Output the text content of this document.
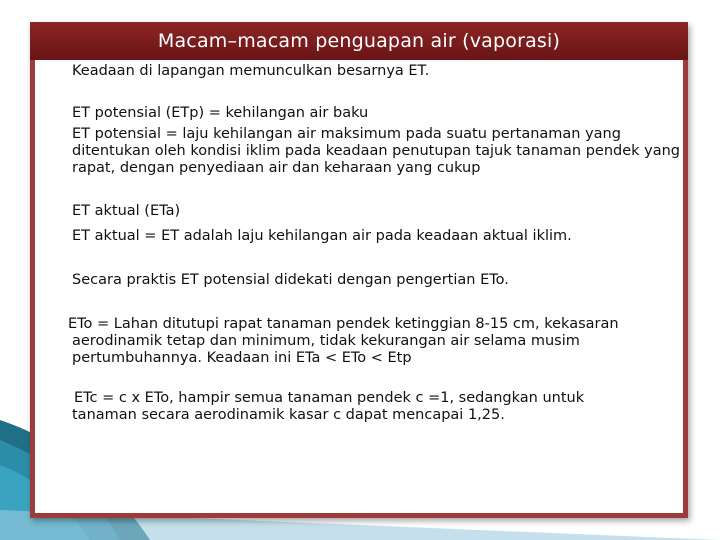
Macam–macam penguapan air (vaporasi)

Keadaan di lapangan memunculkan besarnya ET.

ET potensial (ETp) = kehilangan air baku

ET potensial = laju kehilangan air maksimum pada suatu pertanaman yang ditentukan oleh kondisi iklim pada keadaan penutupan tajuk tanaman pendek yang rapat, dengan penyediaan air dan keharaan yang cukup

ET aktual (ETa)

ET aktual = ET adalah laju kehilangan air pada keadaan aktual iklim.

Secara praktis ET potensial didekati dengan pengertian ETo.

ETo = Lahan ditutupi rapat tanaman pendek ketinggian 8-15 cm, kekasaran
aerodinamik tetap dan minimum, tidak kekurangan air selama musim pertumbuhannya. Keadaan ini ETa < ETo < Etp

ETc = c x ETo, hampir semua tanaman pendek c =1, sedangkan untuk
tanaman secara aerodinamik kasar c dapat mencapai 1,25.
